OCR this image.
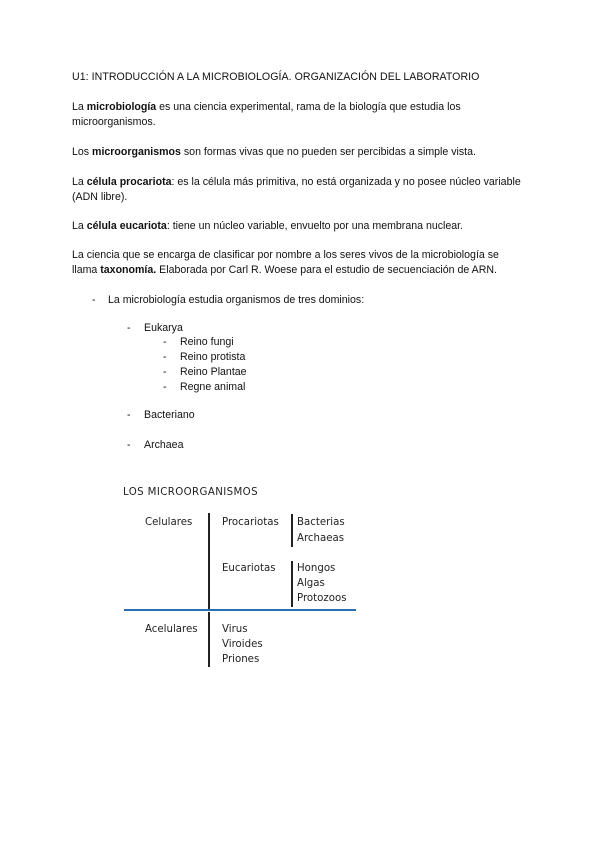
U1: INTRODUCCIÓN A LA MICROBIOLOGÍA. ORGANIZACIÓN DEL LABORATORIO
La microbiología es una ciencia experimental, rama de la biología que estudia los microorganismos.
Los microorganismos son formas vivas que no pueden ser percibidas a simple vista.
La célula procariota: es la célula más primitiva, no está organizada y no posee núcleo variable (ADN libre).
La célula eucariota: tiene un núcleo variable, envuelto por una membrana nuclear.
La ciencia que se encarga de clasificar por nombre a los seres vivos de la microbiología se llama taxonomía. Elaborada por Carl R. Woese para el estudio de secuenciación de ARN.
- La microbiología estudia organismos de tres dominios:
- Eukarya
- Reino fungi
- Reino protista
- Reino Plantae
- Regne animal
- Bacteriano
- Archaea
LOS MICROORGANISMOS
Celulares	Procariotas Bacterias
Archaeas
Eucariotas Hongos
Algas
Protozoos
Acelulares Virus
Viroides
Priones
